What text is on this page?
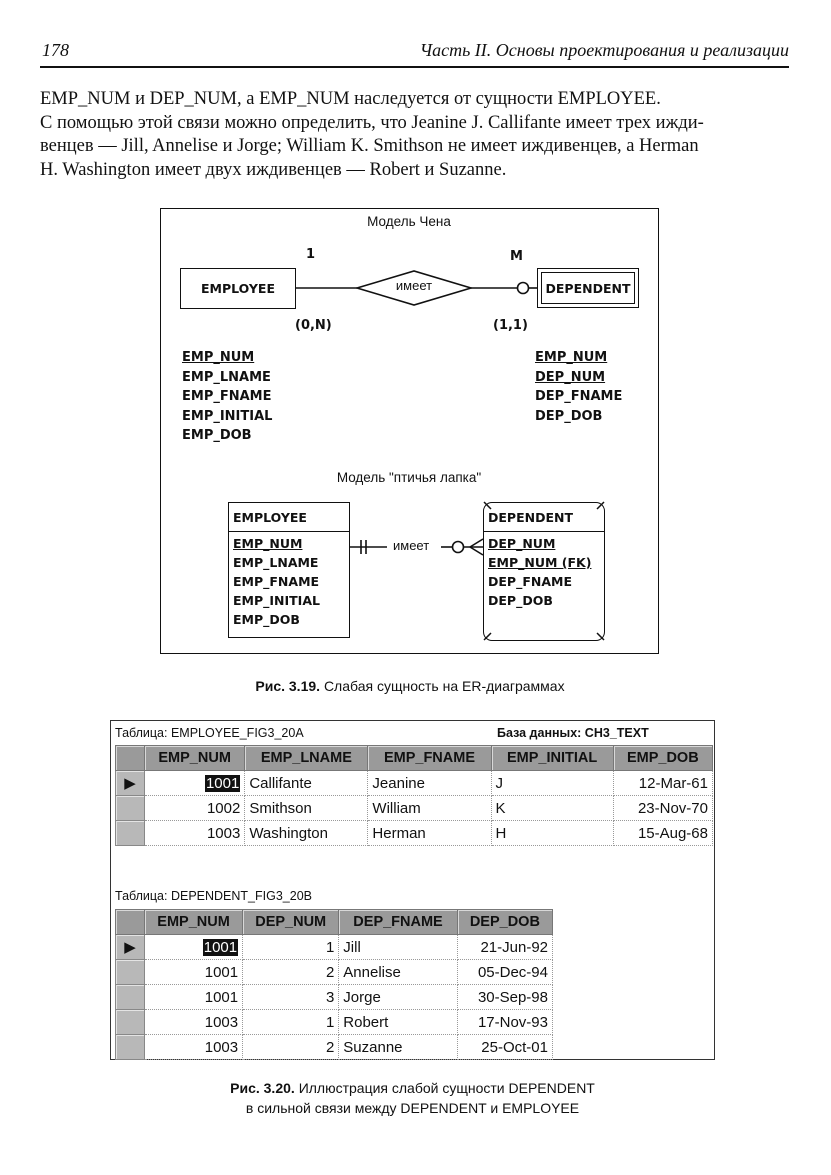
178	Часть II. Основы проектирования и реализации

EMP_NUM и DEP_NUM, а EMP_NUM наследуется от сущности EMPLOYEE.

С помощью этой связи можно определить, что Jeanine J. Callifante имеет трех ижди-

венцев — Jill, Annelise и Jorge; William K. Smithson не имеет иждивенцев, а Herman

H. Washington имеет двух иждивенцев — Robert и Suzanne.

Модель Чена
1	M
EMPLOYEE	имеет	DEPENDENT
(0,N)	(1,1)
EMP_NUM
EMP_LNAME
EMP_FNAME
EMP_INITIAL
EMP_DOB
EMP_NUM
DEP_NUM
DEP_FNAME
DEP_DOB
Модель "птичья лапка"
EMPLOYEE
EMP_NUM
EMP_LNAME
EMP_FNAME
EMP_INITIAL
EMP_DOB
имеет
DEPENDENT
DEP_NUM
EMP_NUM (FK)
DEP_FNAME
DEP_DOB
Рис. 3.19. Слабая сущность на ER-диаграммах
Таблица: EMPLOYEE_FIG3_20A	База данных: CH3_TEXT
	EMP_NUM	EMP_LNAME	EMP_FNAME	EMP_INITIAL	EMP_DOB
▶	1001	Callifante	Jeanine	J	12-Mar-61
	1002	Smithson	William	K	23-Nov-70
	1003	Washington	Herman	H	15-Aug-68
Таблица: DEPENDENT_FIG3_20B
	EMP_NUM	DEP_NUM	DEP_FNAME	DEP_DOB
▶	1001	1	Jill	21-Jun-92
	1001	2	Annelise	05-Dec-94
	1001	3	Jorge	30-Sep-98
	1003	1	Robert	17-Nov-93
	1003	2	Suzanne	25-Oct-01
Рис. 3.20. Иллюстрация слабой сущности DEPENDENT
в сильной связи между DEPENDENT и EMPLOYEE
